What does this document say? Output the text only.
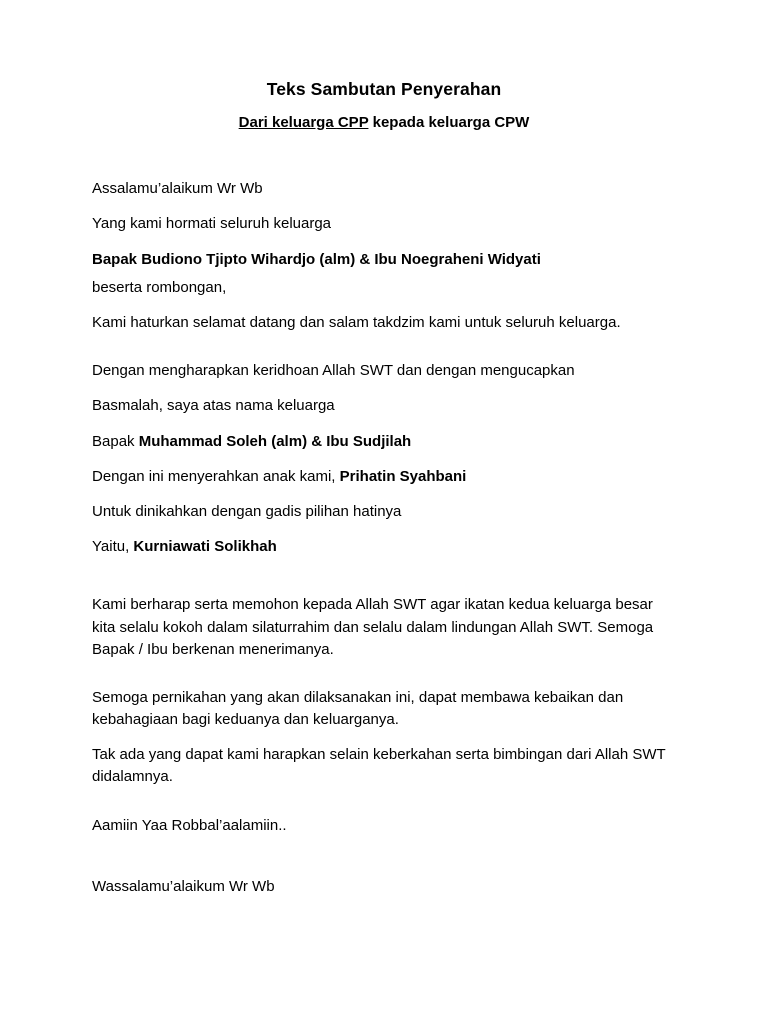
Teks Sambutan Penyerahan
Dari keluarga CPP kepada keluarga CPW

Assalamu’alaikum Wr Wb

Yang kami hormati seluruh keluarga

Bapak Budiono Tjipto Wihardjo (alm) & Ibu Noegraheni Widyati

beserta rombongan,

Kami haturkan selamat datang dan salam takdzim kami untuk seluruh keluarga.

Dengan mengharapkan keridhoan Allah SWT dan dengan mengucapkan

Basmalah, saya atas nama keluarga

Bapak Muhammad Soleh (alm) & Ibu Sudjilah

Dengan ini menyerahkan anak kami, Prihatin Syahbani

Untuk dinikahkan dengan gadis pilihan hatinya

Yaitu, Kurniawati Solikhah

Kami berharap serta memohon kepada Allah SWT agar ikatan kedua keluarga besar kita selalu kokoh dalam silaturrahim dan selalu dalam lindungan Allah SWT. Semoga Bapak / Ibu berkenan menerimanya.

Semoga pernikahan yang akan dilaksanakan ini, dapat membawa kebaikan dan kebahagiaan bagi keduanya dan keluarganya.

Tak ada yang dapat kami harapkan selain keberkahan serta bimbingan dari Allah SWT didalamnya.

Aamiin Yaa Robbal’aalamiin..

Wassalamu’alaikum Wr Wb
